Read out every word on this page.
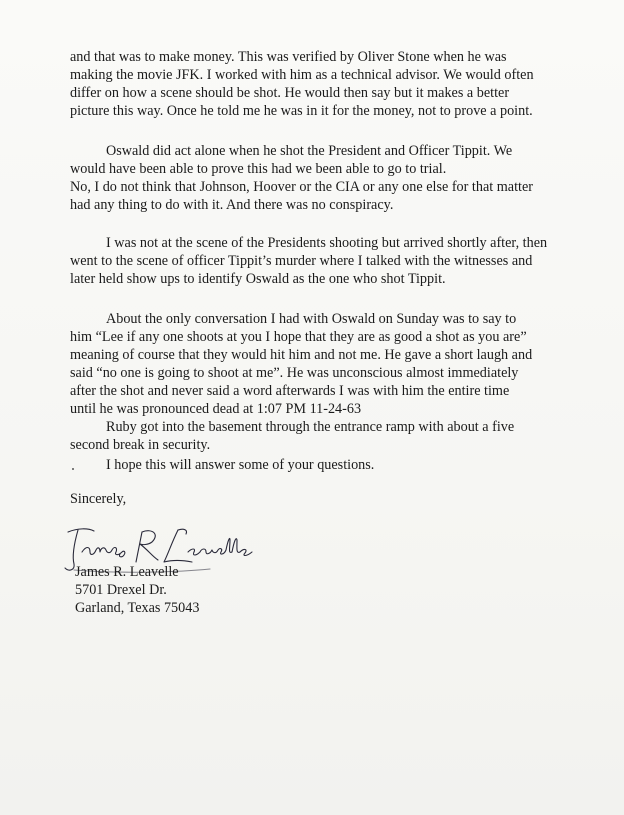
and that was to make money. This was verified by Oliver Stone when he was

making the movie JFK. I worked with him as a technical advisor. We would often

differ on how a scene should be shot. He would then say but it makes a better

picture this way. Once he told me he was in it for the money, not to prove a point.

Oswald did act alone when he shot the President and Officer Tippit. We

would have been able to prove this had we been able to go to trial.

No, I do not think that Johnson, Hoover or the CIA or any one else for that matter

had any thing to do with it. And there was no conspiracy.

I was not at the scene of the Presidents shooting but arrived shortly after, then

went to the scene of officer Tippit’s murder where I talked with the witnesses and

later held show ups to identify Oswald as the one who shot Tippit.

About the only conversation I had with Oswald on Sunday was to say to

him “Lee if any one shoots at you I hope that they are as good a shot as you are”

meaning of course that they would hit him and not me. He gave a short laugh and

said “no one is going to shoot at me”. He was unconscious almost immediately

after the shot and never said a word afterwards I was with him the entire time

until he was pronounced dead at 1:07 PM 11-24-63

Ruby got into the basement through the entrance ramp with about a five

second break in security.

I hope this will answer some of your questions.

Sincerely,

James R. Leavelle

5701 Drexel Dr.

Garland, Texas 75043
